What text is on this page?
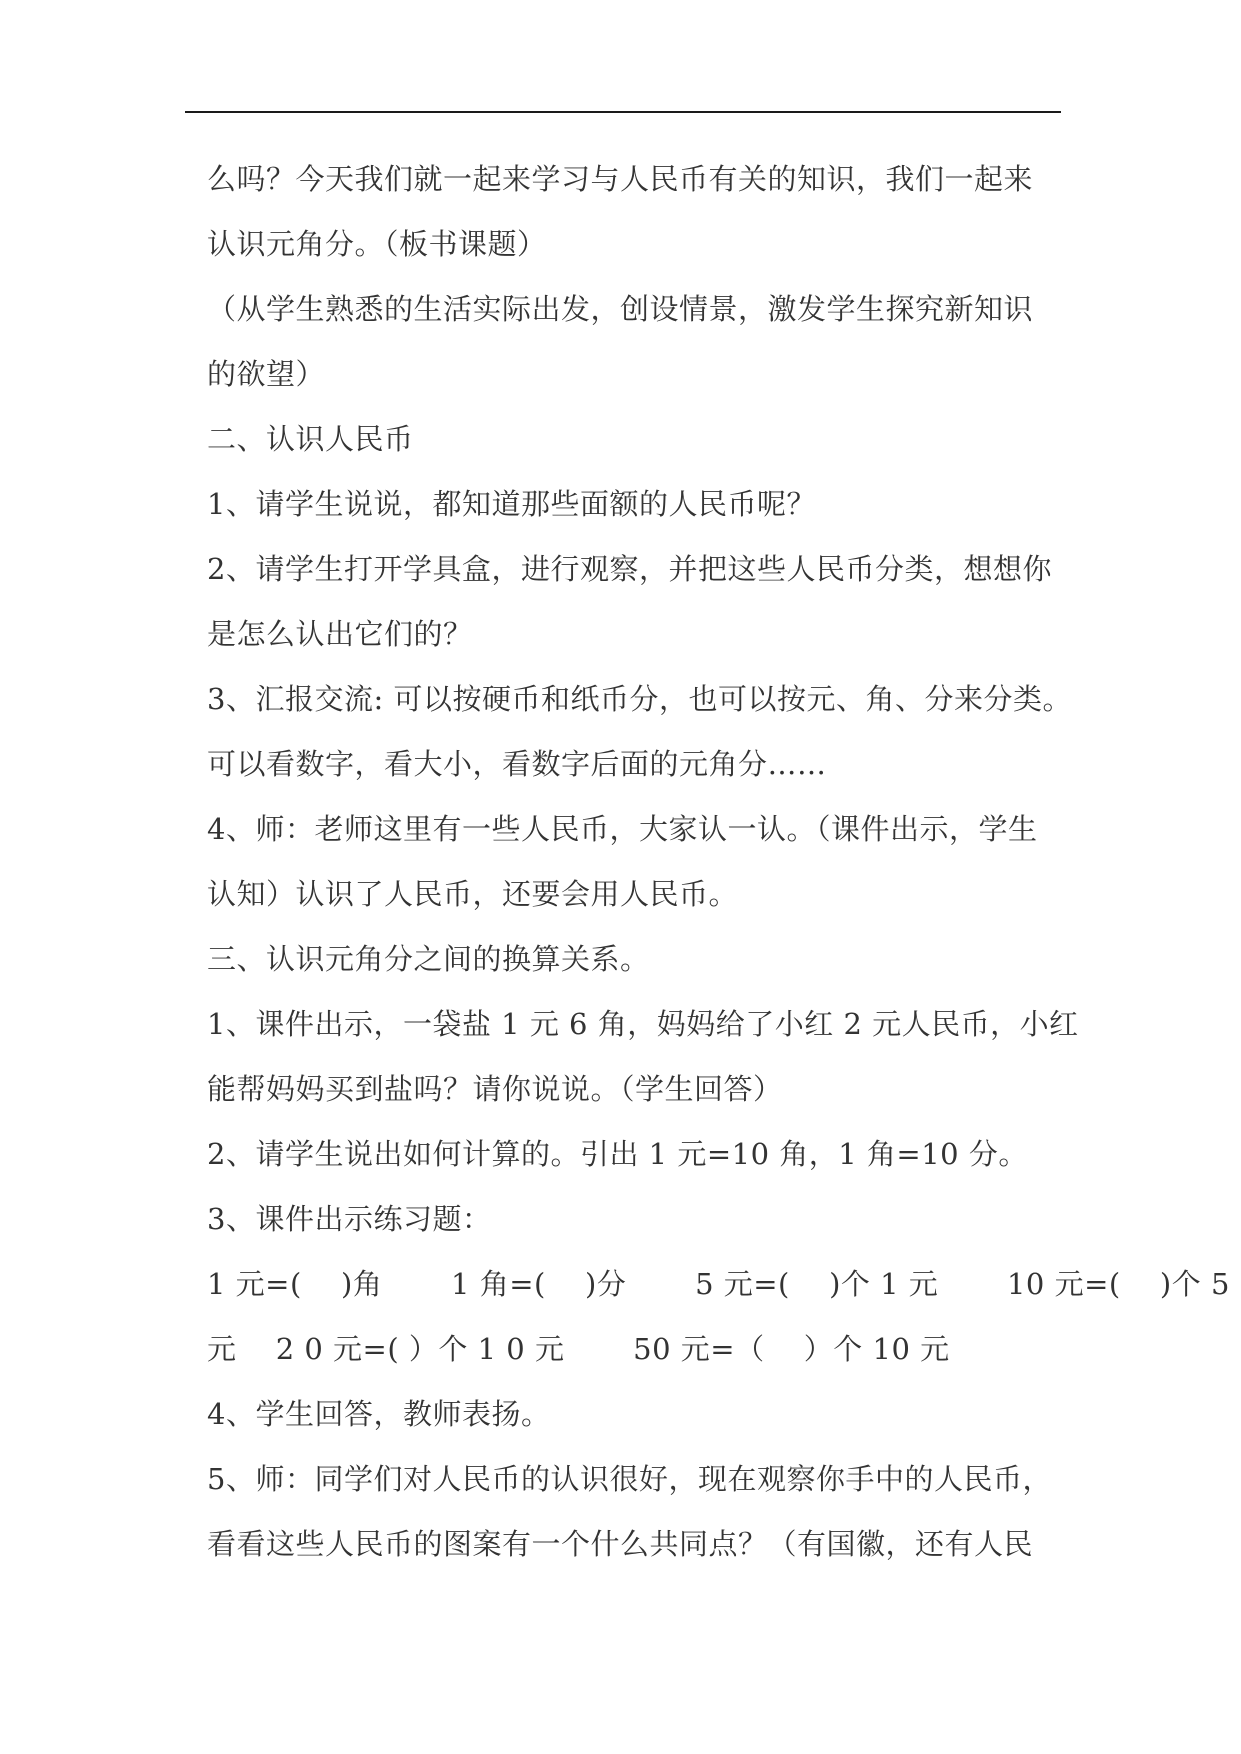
么吗？今天我们就一起来学习与人民币有关的知识，我们一起来
认识元角分。（板书课题）
（从学生熟悉的生活实际出发，创设情景，激发学生探究新知识
的欲望）
二、认识人民币
1、请学生说说，都知道那些面额的人民币呢？
2、请学生打开学具盒，进行观察，并把这些人民币分类，想想你
是怎么认出它们的？
3、汇报交流: 可以按硬币和纸币分，也可以按元、角、分来分类。
可以看数字，看大小，看数字后面的元角分……
4、师：老师这里有一些人民币，大家认一认。（课件出示，学生
认知）认识了人民币，还要会用人民币。
三、认识元角分之间的换算关系。
1、课件出示，一袋盐 1 元 6 角，妈妈给了小红 2 元人民币，小红
能帮妈妈买到盐吗？请你说说。（学生回答）
2、请学生说出如何计算的。引出 1 元=10 角，1 角=10 分。
3、课件出示练习题：
1 元=(　 )角　　 1 角=(　 )分　　 5 元=(　 )个 1 元　　 10 元=(　 )个 5
元　 2 0 元=( ）个 1 0 元　　 50 元=（　 ）个 10 元
4、学生回答，教师表扬。
5、师：同学们对人民币的认识很好，现在观察你手中的人民币，
看看这些人民币的图案有一个什么共同点？（有国徽，还有人民
